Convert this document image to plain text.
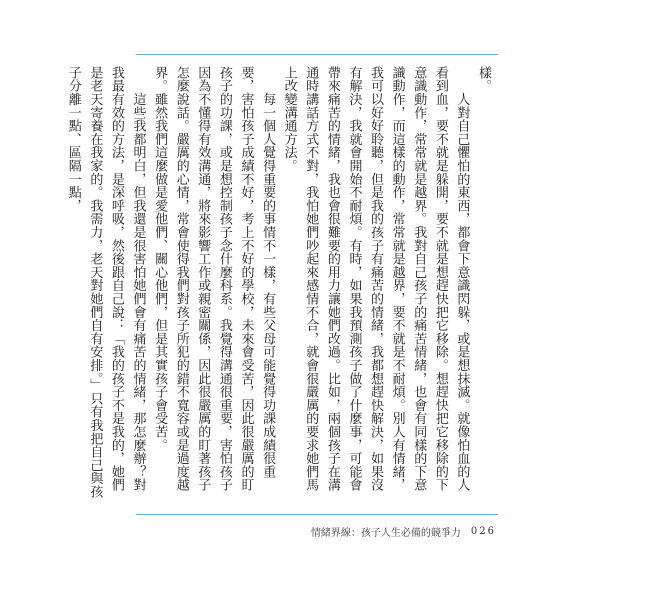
樣。

　　人對自己懼怕的東西，都會下意識閃躲，或是想抹滅。就像怕血的人看到血，要不就是躲開，要不就是想趕快把它移除。想趕快把它移除的下意識動作，常常就是越界。我對自己孩子的痛苦情緒，也會有同樣的下意識動作，而這樣的動作，常常就是越界，要不就是不耐煩。別人有情緒，我可以好好聆聽，但是我的孩子有痛苦的情緒，我都想趕快解決，如果沒有解決，我就會開始不耐煩。有時，如果我預測孩子做了什麼事，可能會帶來痛苦的情緒，我也會很難要的用力讓她們改過。比如，兩個孩子在溝通時講話方式不對，我怕她們吵起來感情不合，就會很嚴厲的要求她們馬上改變溝通方法。

　　每一個人覺得重要的事情不一樣，有些父母可能覺得功課成績很重要，害怕孩子成績不好，考上不好的學校，未來會受苦，因此很嚴厲的盯孩子的功課，或是想控制孩子念什麼科系。我覺得溝通很重要，害怕孩子因為不懂得有效溝通，將來影響工作或親密關係，因此很嚴厲的盯著孩子怎麼說話。嚴厲的心情，常會使得我們對孩子所犯的錯不寬容或是過度越界。雖然我們這麼做是愛他們、關心他們，但是其實孩子會受苦。

　　這些我都明白，但我還是很害怕她們會有痛苦的情緒，那怎麼辦？對我最有效的方法，是深呼吸，然後跟自己說：「我的孩子不是我的，她們是老天寄養在我家的。我需力，老天對她們自有安排。」只有我把自己與孩子分離一點、區隔一點，

情緒界線：孩子人生必備的競爭力 026
